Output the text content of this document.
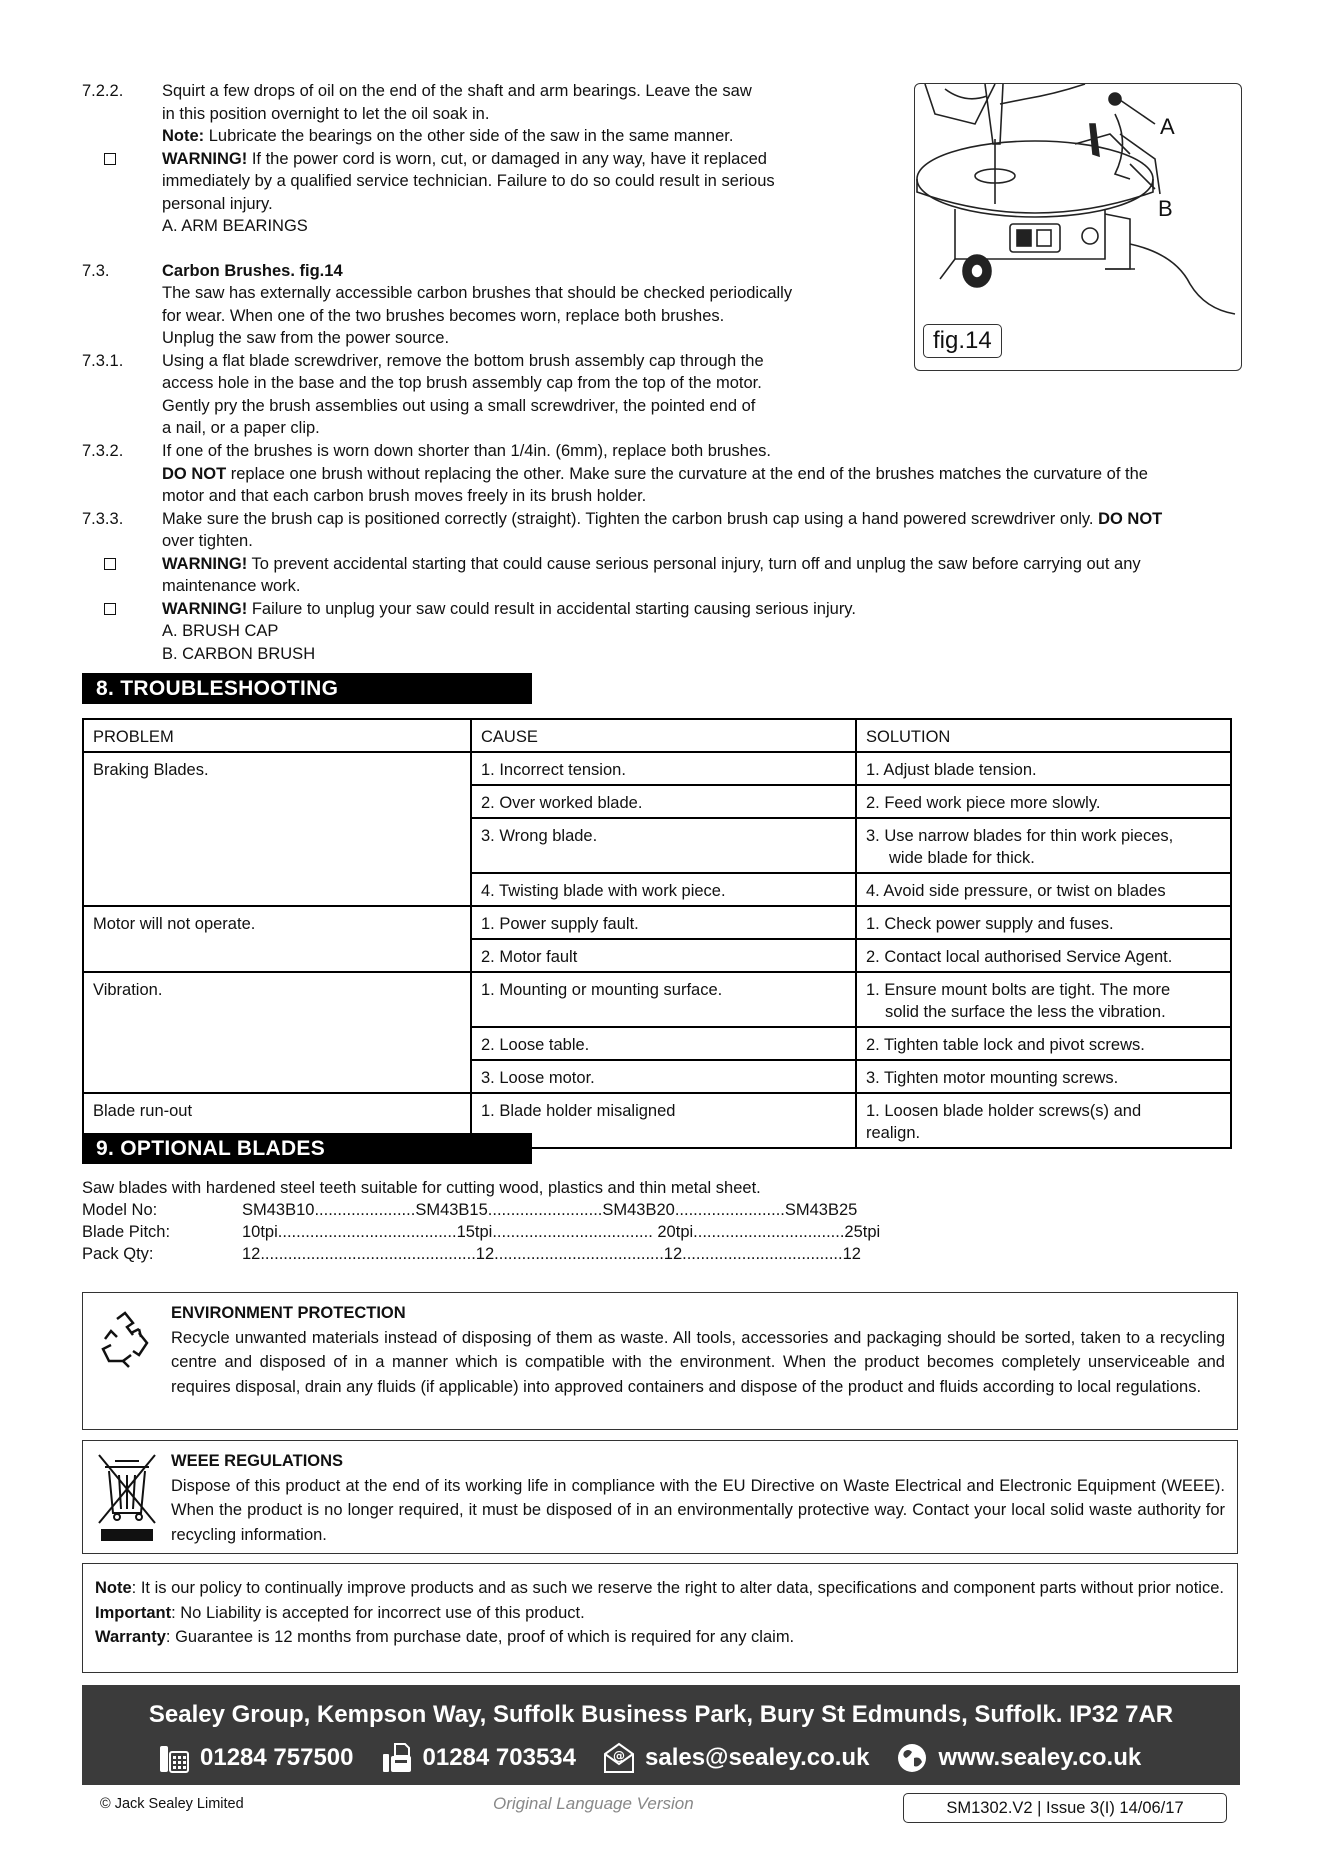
7.2.2. Squirt a few drops of oil on the end of the shaft and arm bearings. Leave the saw
in this position overnight to let the oil soak in.
Note: Lubricate the bearings on the other side of the saw in the same manner.
WARNING! If the power cord is worn, cut, or damaged in any way, have it replaced
immediately by a qualified service technician. Failure to do so could result in serious
personal injury.
A. ARM BEARINGS
7.3.	Carbon Brushes. fig.14
The saw has externally accessible carbon brushes that should be checked periodically
for wear. When one of the two brushes becomes worn, replace both brushes.
Unplug the saw from the power source.
7.3.1. Using a flat blade screwdriver, remove the bottom brush assembly cap through the
access hole in the base and the top brush assembly cap from the top of the motor.
Gently pry the brush assemblies out using a small screwdriver, the pointed end of
a nail, or a paper clip.
7.3.2. If one of the brushes is worn down shorter than 1/4in. (6mm), replace both brushes.
DO NOT replace one brush without replacing the other. Make sure the curvature at the end of the brushes matches the curvature of the
motor and that each carbon brush moves freely in its brush holder.
7.3.3. Make sure the brush cap is positioned correctly (straight). Tighten the carbon brush cap using a hand powered screwdriver only. DO NOT
over tighten.
WARNING! To prevent accidental starting that could cause serious personal injury, turn off and unplug the saw before carrying out any
maintenance work.
WARNING! Failure to unplug your saw could result in accidental starting causing serious injury.
A. BRUSH CAP
B. CARBON BRUSH
A
B
fig.14
8. TROUBLESHOOTING
PROBLEM	CAUSE	SOLUTION
Braking Blades.	1. Incorrect tension.	1. Adjust blade tension.
	2. Over worked blade.	2. Feed work piece more slowly.
	3. Wrong blade.	3. Use narrow blades for thin work pieces,
wide blade for thick.

	4. Twisting blade with work piece.	4. Avoid side pressure, or twist on blades
Motor will not operate.	1. Power supply fault.	1. Check power supply and fuses.
	2. Motor fault	2. Contact local authorised Service Agent.
Vibration.	1. Mounting or mounting surface.	1. Ensure mount bolts are tight. The more
solid the surface the less the vibration.

	2. Loose table.	2. Tighten table lock and pivot screws.
	3. Loose motor.	3. Tighten motor mounting screws.
Blade run-out	1. Blade holder misaligned	1. Loosen blade holder screws(s) and
realign.
9. OPTIONAL BLADES
Saw blades with hardened steel teeth suitable for cutting wood, plastics and thin metal sheet.
Model No:	SM43B10......................SM43B15.........................SM43B20........................SM43B25
Blade Pitch:	10tpi.......................................15tpi................................... 20tpi.................................25tpi
Pack Qty:	12...............................................12.....................................12...................................12
ENVIRONMENT PROTECTION
Recycle unwanted materials instead of disposing of them as waste. All tools, accessories and packaging should be sorted, taken to a recycling centre and disposed of in a manner which is compatible with the environment. When the product becomes completely unserviceable and requires disposal, drain any fluids (if applicable) into approved containers and dispose of the product and fluids according to local regulations.
WEEE REGULATIONS
Dispose of this product at the end of its working life in compliance with the EU Directive on Waste Electrical and Electronic Equipment (WEEE). When the product is no longer required, it must be disposed of in an environmentally protective way. Contact your local solid waste authority for recycling information.
Note: It is our policy to continually improve products and as such we reserve the right to alter data, specifications and component parts without prior notice.
Important: No Liability is accepted for incorrect use of this product.
Warranty: Guarantee is 12 months from purchase date, proof of which is required for any claim.
Sealey Group, Kempson Way, Suffolk Business Park, Bury St Edmunds, Suffolk. IP32 7AR
01284 757500	01284 703534	@ sales@sealey.co.uk	www.sealey.co.uk
© Jack Sealey Limited	Original Language Version	SM1302.V2 | Issue 3(I) 14/06/17
